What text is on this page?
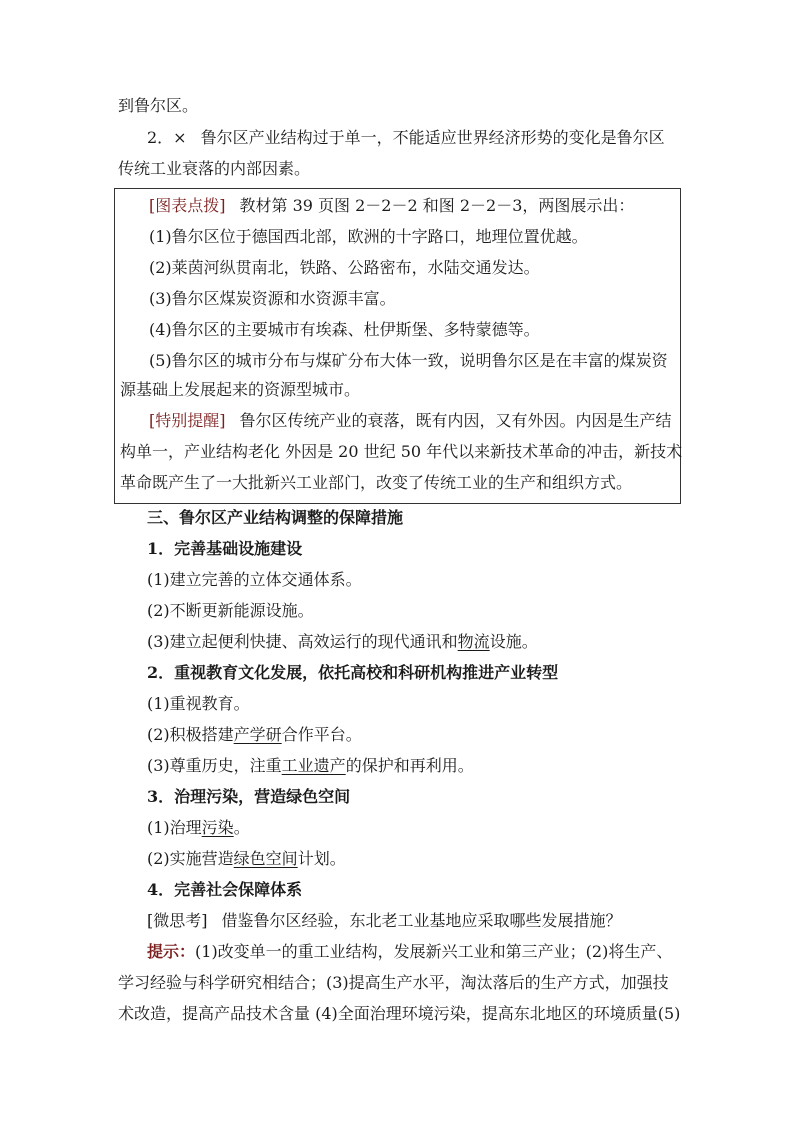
到鲁尔区。
2．× 鲁尔区产业结构过于单一，不能适应世界经济形势的变化是鲁尔区
传统工业衰落的内部因素。
[图表点拨] 教材第 39 页图 2－2－2 和图 2－2－3，两图展示出：
(1)鲁尔区位于德国西北部，欧洲的十字路口，地理位置优越。
(2)莱茵河纵贯南北，铁路、公路密布，水陆交通发达。
(3)鲁尔区煤炭资源和水资源丰富。
(4)鲁尔区的主要城市有埃森、杜伊斯堡、多特蒙德等。
(5)鲁尔区的城市分布与煤矿分布大体一致，说明鲁尔区是在丰富的煤炭资
源基础上发展起来的资源型城市。
[特别提醒] 鲁尔区传统产业的衰落，既有内因，又有外因。内因是生产结
构单一，产业结构老化 外因是 20 世纪 50 年代以来新技术革命的冲击，新技术
革命既产生了一大批新兴工业部门，改变了传统工业的生产和组织方式。
三、鲁尔区产业结构调整的保障措施
1．完善基础设施建设
(1)建立完善的立体交通体系。
(2)不断更新能源设施。
(3)建立起便利快捷、高效运行的现代通讯和物流设施。
2．重视教育文化发展，依托高校和科研机构推进产业转型
(1)重视教育。
(2)积极搭建产学研合作平台。
(3)尊重历史，注重工业遗产的保护和再利用。
3．治理污染，营造绿色空间
(1)治理污染。
(2)实施营造绿色空间计划。
4．完善社会保障体系
[微思考] 借鉴鲁尔区经验，东北老工业基地应采取哪些发展措施？
提示：(1)改变单一的重工业结构，发展新兴工业和第三产业；(2)将生产、
学习经验与科学研究相结合；(3)提高生产水平，淘汰落后的生产方式，加强技
术改造，提高产品技术含量 (4)全面治理环境污染，提高东北地区的环境质量(5)
